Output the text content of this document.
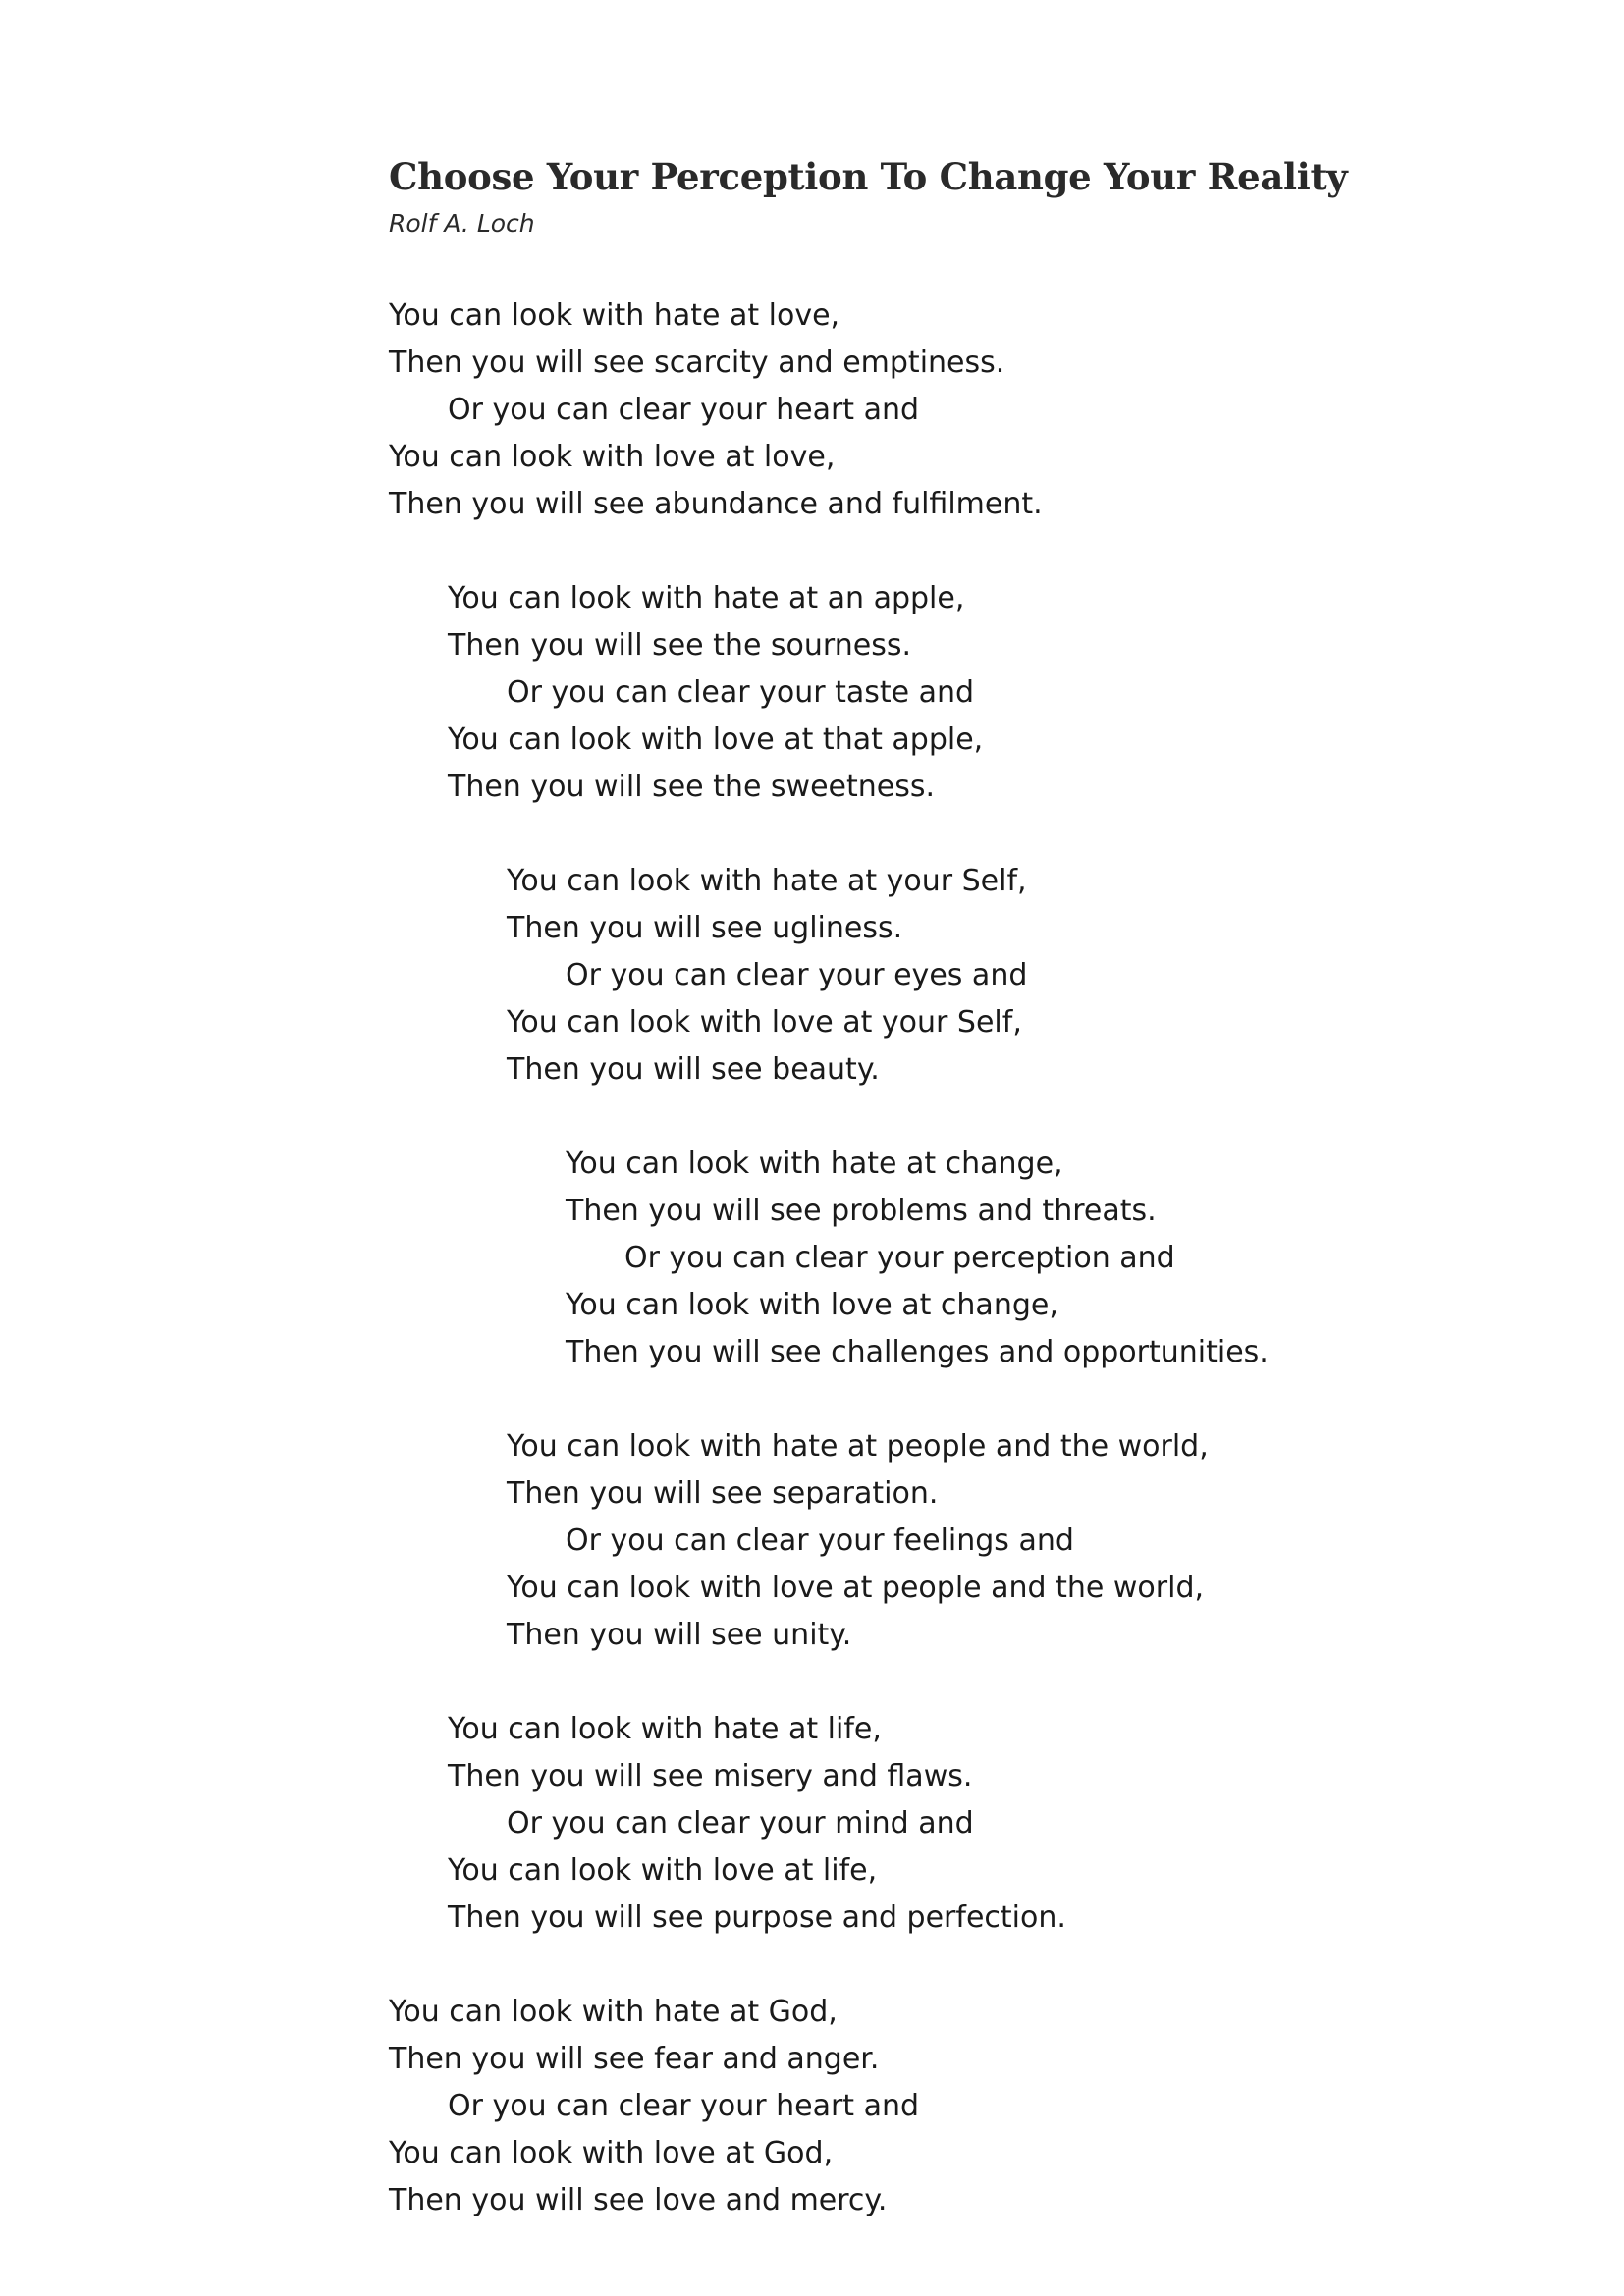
Choose Your Perception To Change Your Reality

Rolf A. Loch

You can look with hate at love,
Then you will see scarcity and emptiness.
Or you can clear your heart and
You can look with love at love,
Then you will see abundance and fulfilment.
You can look with hate at an apple,
Then you will see the sourness.
Or you can clear your taste and
You can look with love at that apple,
Then you will see the sweetness.
You can look with hate at your Self,
Then you will see ugliness.
Or you can clear your eyes and
You can look with love at your Self,
Then you will see beauty.
You can look with hate at change,
Then you will see problems and threats.
Or you can clear your perception and
You can look with love at change,
Then you will see challenges and opportunities.
You can look with hate at people and the world,
Then you will see separation.
Or you can clear your feelings and
You can look with love at people and the world,
Then you will see unity.
You can look with hate at life,
Then you will see misery and flaws.
Or you can clear your mind and
You can look with love at life,
Then you will see purpose and perfection.
You can look with hate at God,
Then you will see fear and anger.
Or you can clear your heart and
You can look with love at God,
Then you will see love and mercy.
